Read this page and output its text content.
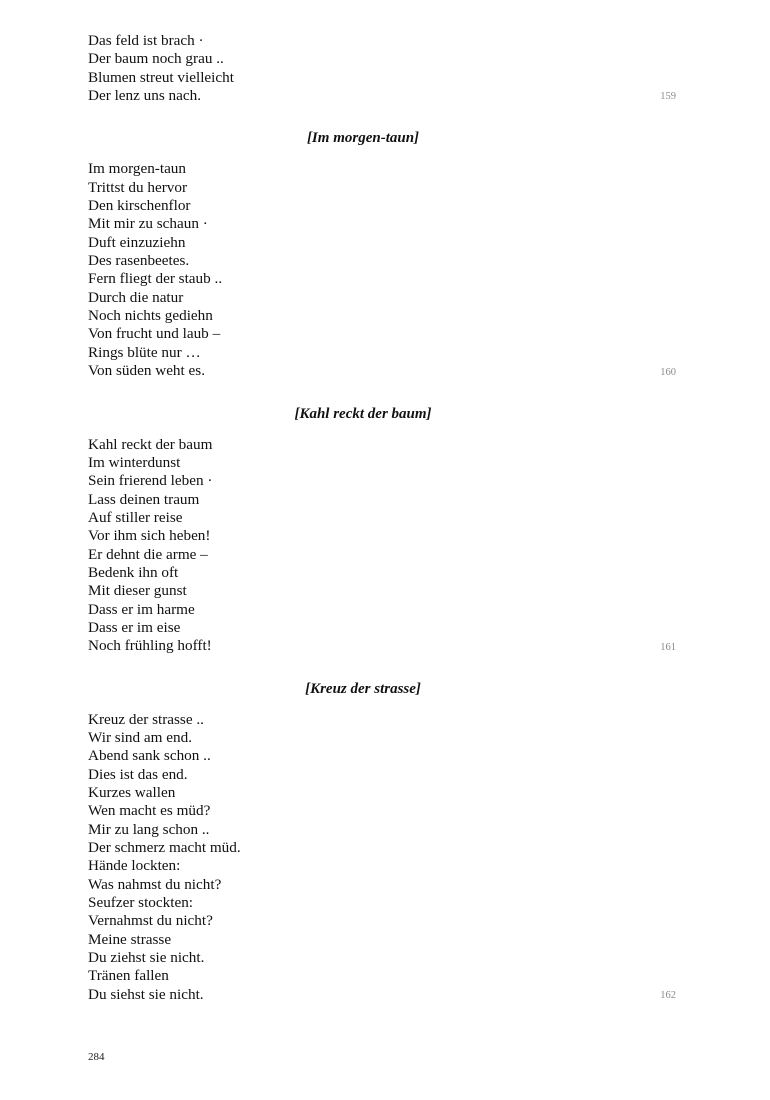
Das feld ist brach ·
Der baum noch grau ..
Blumen streut vielleicht
Der lenz uns nach.	159
[Im morgen-taun]
Im morgen-taun
Trittst du hervor
Den kirschenflor
Mit mir zu schaun ·
Duft einzuziehn
Des rasenbeetes.
Fern fliegt der staub ..
Durch die natur
Noch nichts gediehn
Von frucht und laub –
Rings blüte nur …
Von süden weht es.	160
[Kahl reckt der baum]
Kahl reckt der baum
Im winterdunst
Sein frierend leben ·
Lass deinen traum
Auf stiller reise
Vor ihm sich heben!
Er dehnt die arme –
Bedenk ihn oft
Mit dieser gunst
Dass er im harme
Dass er im eise
Noch frühling hofft!	161
[Kreuz der strasse]
Kreuz der strasse ..
Wir sind am end.
Abend sank schon ..
Dies ist das end.
Kurzes wallen
Wen macht es müd?
Mir zu lang schon ..
Der schmerz macht müd.
Hände lockten:
Was nahmst du nicht?
Seufzer stockten:
Vernahmst du nicht?
Meine strasse
Du ziehst sie nicht.
Tränen fallen
Du siehst sie nicht.	162
284
